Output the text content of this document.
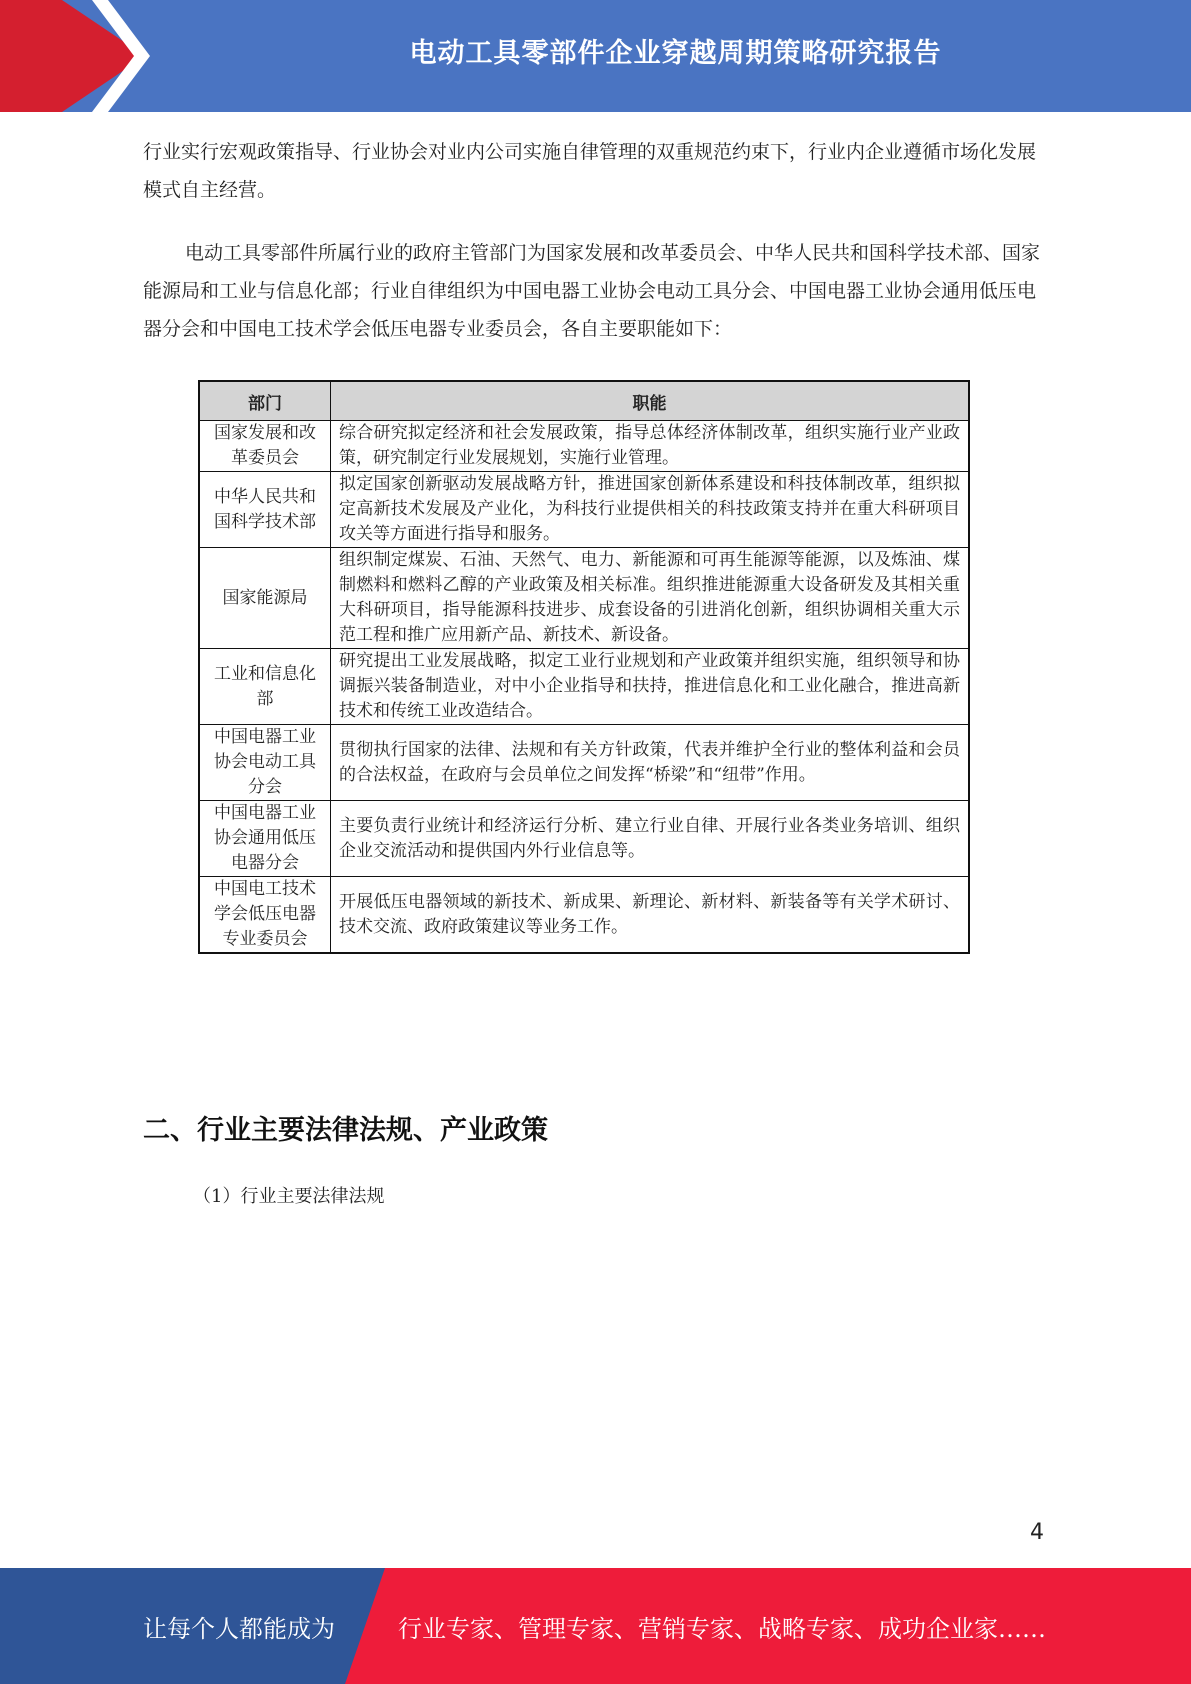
电动工具零部件企业穿越周期策略研究报告

行业实行宏观政策指导、行业协会对业内公司实施自律管理的双重规范约束下，行业内企业遵循市场化发展模式自主经营。

电动工具零部件所属行业的政府主管部门为国家发展和改革委员会、中华人民共和国科学技术部、国家能源局和工业与信息化部；行业自律组织为中国电器工业协会电动工具分会、中国电器工业协会通用低压电器分会和中国电工技术学会低压电器专业委员会，各自主要职能如下：

部门	职能
国家发展和改革委员会	综合研究拟定经济和社会发展政策，指导总体经济体制改革，组织实施行业产业政策，研究制定行业发展规划，实施行业管理。
中华人民共和国科学技术部	拟定国家创新驱动发展战略方针，推进国家创新体系建设和科技体制改革，组织拟定高新技术发展及产业化，为科技行业提供相关的科技政策支持并在重大科研项目攻关等方面进行指导和服务。
国家能源局	组织制定煤炭、石油、天然气、电力、新能源和可再生能源等能源，以及炼油、煤制燃料和燃料乙醇的产业政策及相关标准。组织推进能源重大设备研发及其相关重大科研项目，指导能源科技进步、成套设备的引进消化创新，组织协调相关重大示范工程和推广应用新产品、新技术、新设备。
工业和信息化部	研究提出工业发展战略，拟定工业行业规划和产业政策并组织实施，组织领导和协调振兴装备制造业，对中小企业指导和扶持，推进信息化和工业化融合，推进高新技术和传统工业改造结合。
中国电器工业协会电动工具分会	贯彻执行国家的法律、法规和有关方针政策，代表并维护全行业的整体利益和会员的合法权益，在政府与会员单位之间发挥“桥梁”和“纽带”作用。
中国电器工业协会通用低压电器分会	主要负责行业统计和经济运行分析、建立行业自律、开展行业各类业务培训、组织企业交流活动和提供国内外行业信息等。
中国电工技术学会低压电器专业委员会	开展低压电器领域的新技术、新成果、新理论、新材料、新装备等有关学术研讨、技术交流、政府政策建议等业务工作。
二、行业主要法律法规、产业政策

（1）行业主要法律法规

4
让每个人都能成为	行业专家、管理专家、营销专家、战略专家、成功企业家……
